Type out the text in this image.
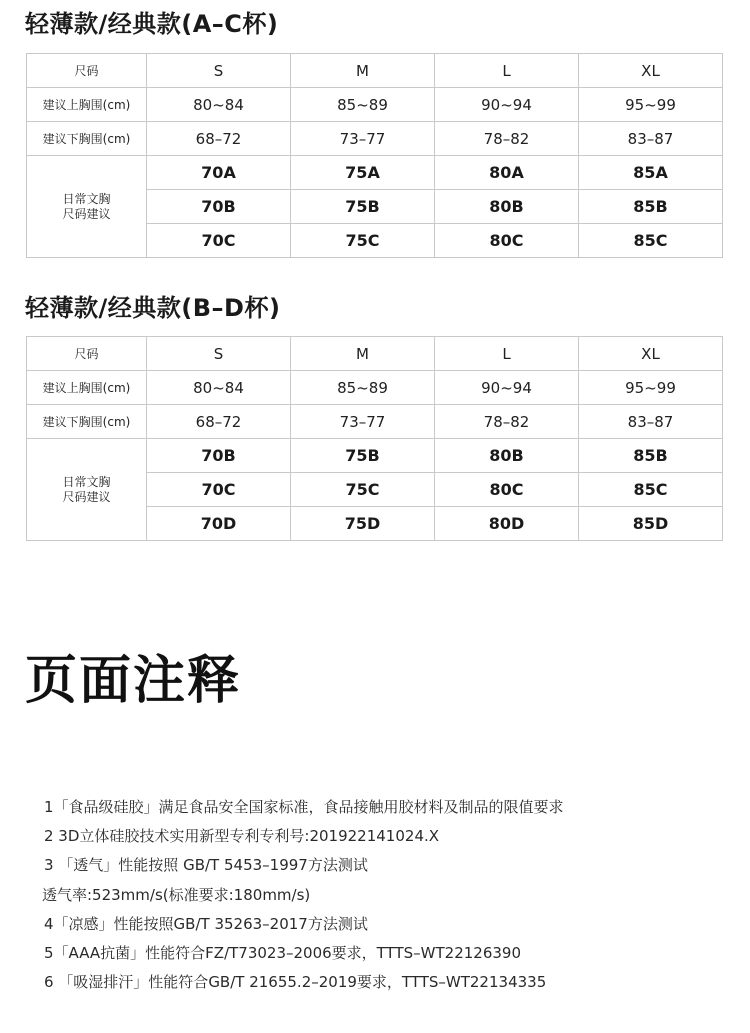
轻薄款/经典款(A–C杯)
尺码	S	M	L	XL
建议上胸围(cm)	80~84	85~89	90~94	95~99
建议下胸围(cm)	68–72	73–77	78–82	83–87
日常文胸
尺码建议	70A	75A	80A	85A
	70B	75B	80B	85B
	70C	75C	80C	85C
轻薄款/经典款(B–D杯)
尺码	S	M	L	XL
建议上胸围(cm)	80~84	85~89	90~94	95~99
建议下胸围(cm)	68–72	73–77	78–82	83–87
日常文胸
尺码建议	70B	75B	80B	85B
	70C	75C	80C	85C
	70D	75D	80D	85D
页面注释
1「食品级硅胶」满足食品安全国家标准，食品接触用胶材料及制品的限值要求
2 3D立体硅胶技术实用新型专利专利号:201922141024.X
3 「透气」性能按照 GB/T 5453–1997方法测试
透气率:523mm/s(标准要求:180mm/s)
4「凉感」性能按照GB/T 35263–2017方法测试
5「AAA抗菌」性能符合FZ/T73023–2006要求，TTTS–WT22126390
6 「吸湿排汗」性能符合GB/T 21655.2–2019要求，TTTS–WT22134335
